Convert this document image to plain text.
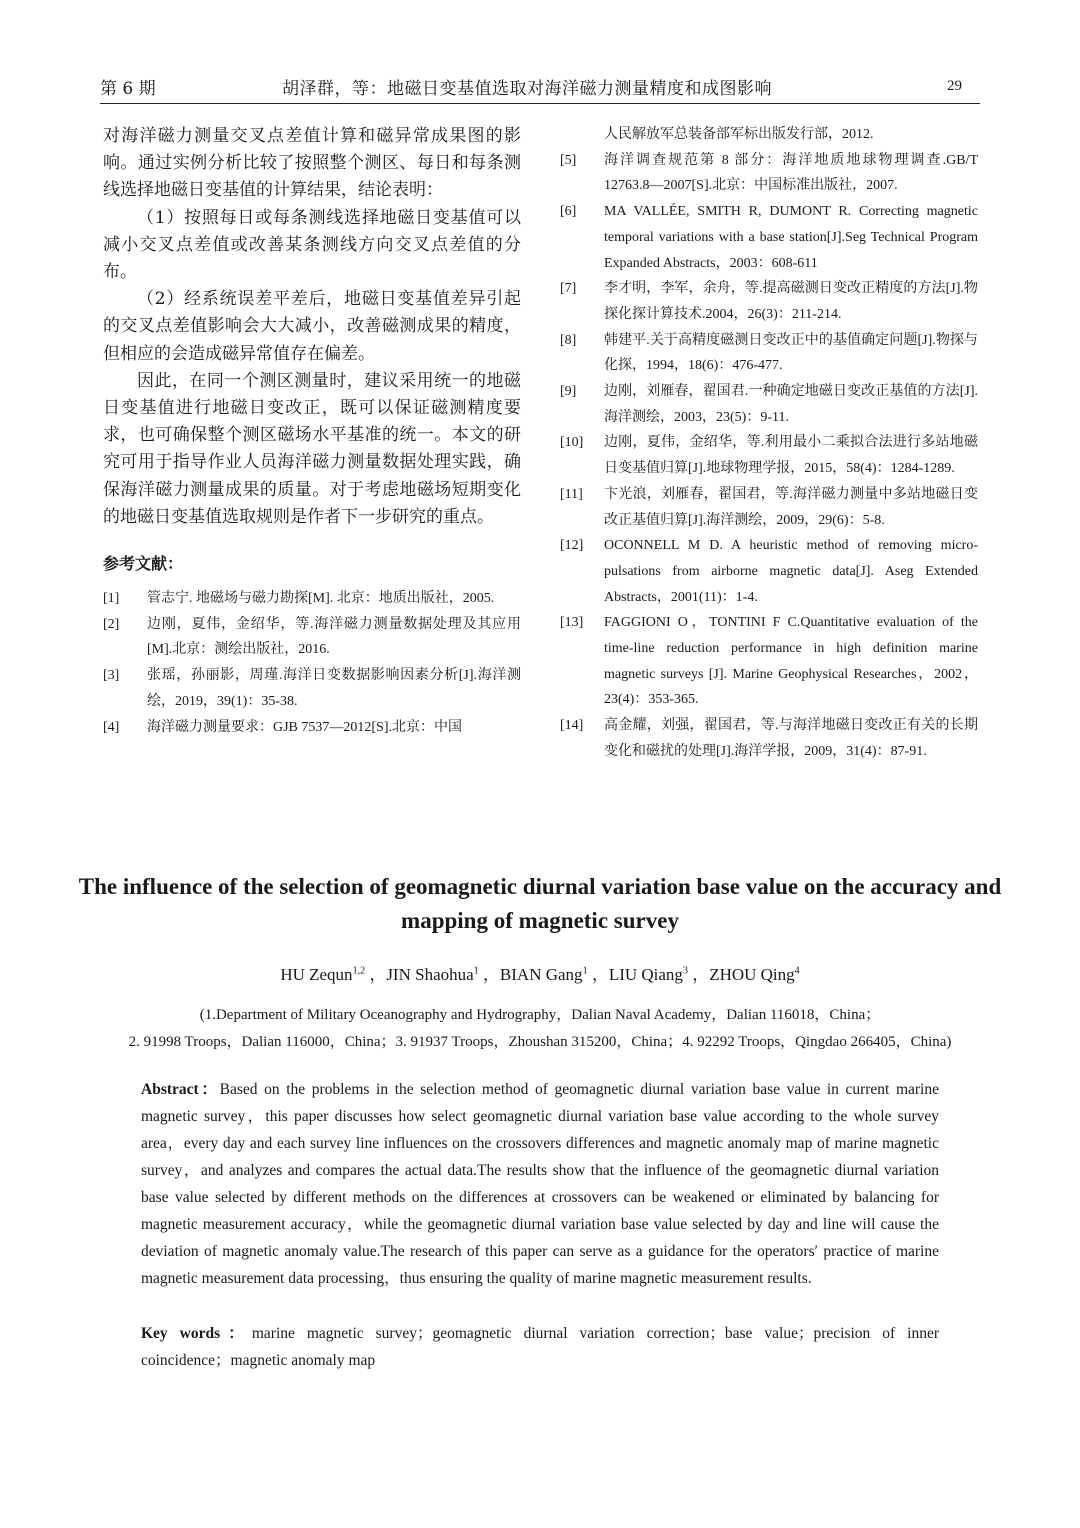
第 6 期	胡泽群，等：地磁日变基值选取对海洋磁力测量精度和成图影响	29

对海洋磁力测量交叉点差值计算和磁异常成果图的影响。通过实例分析比较了按照整个测区、每日和每条测线选择地磁日变基值的计算结果，结论表明：

（1）按照每日或每条测线选择地磁日变基值可以减小交叉点差值或改善某条测线方向交叉点差值的分布。

（2）经系统误差平差后，地磁日变基值差异引起的交叉点差值影响会大大减小，改善磁测成果的精度，但相应的会造成磁异常值存在偏差。

因此，在同一个测区测量时，建议采用统一的地磁日变基值进行地磁日变改正，既可以保证磁测精度要求，也可确保整个测区磁场水平基准的统一。本文的研究可用于指导作业人员海洋磁力测量数据处理实践，确保海洋磁力测量成果的质量。对于考虑地磁场短期变化的地磁日变基值选取规则是作者下一步研究的重点。

参考文献：
[1]	管志宁. 地磁场与磁力勘探[M]. 北京：地质出版社，2005.
[2]	边刚，夏伟，金绍华，等.海洋磁力测量数据处理及其应用[M].北京：测绘出版社，2016.
[3]	张瑶，孙丽影，周瑾.海洋日变数据影响因素分析[J].海洋测绘，2019，39(1)：35-38.
[4]	海洋磁力测量要求：GJB 7537—2012[S].北京：中国
人民解放军总装备部军标出版发行部，2012.
[5]	海洋调查规范第 8 部分：海洋地质地球物理调查.GB/T 12763.8—2007[S].北京：中国标准出版社，2007.
[6]	MA VALLÉE, SMITH R, DUMONT R. Correcting magnetic temporal variations with a base station[J].Seg Technical Program Expanded Abstracts，2003：608-611
[7]	李才明，李军，余舟，等.提高磁测日变改正精度的方法[J].物探化探计算技术.2004，26(3)：211-214.
[8]	韩建平.关于高精度磁测日变改正中的基值确定问题[J].物探与化探，1994，18(6)：476-477.
[9]	边刚，刘雁春，翟国君.一种确定地磁日变改正基值的方法[J].海洋测绘，2003，23(5)：9-11.
[10]	边刚，夏伟，金绍华，等.利用最小二乘拟合法进行多站地磁日变基值归算[J].地球物理学报，2015，58(4)：1284-1289.
[11]	卞光浪，刘雁春，翟国君，等.海洋磁力测量中多站地磁日变改正基值归算[J].海洋测绘，2009，29(6)：5-8.
[12]	OCONNELL M D. A heuristic method of removing micro-pulsations from airborne magnetic data[J]. Aseg Extended Abstracts，2001(11)：1-4.
[13]	FAGGIONI O，TONTINI F C.Quantitative evaluation of the time-line reduction performance in high definition marine magnetic surveys [J]. Marine Geophysical Researches，2002，23(4)：353-365.
[14]	高金耀，刘强，翟国君，等.与海洋地磁日变改正有关的长期变化和磁扰的处理[J].海洋学报，2009，31(4)：87-91.
The influence of the selection of geomagnetic diurnal variation base value on the accuracy and mapping of magnetic survey
HU Zequn$^{1,2}$ ，JIN Shaohua$^1$ ，BIAN Gang$^1$ ，LIU Qiang$^3$ ，ZHOU Qing$^4$
(1.Department of Military Oceanography and Hydrography，Dalian Naval Academy，Dalian 116018，China；
2. 91998 Troops，Dalian 116000，China；3. 91937 Troops，Zhoushan 315200，China；4. 92292 Troops，Qingdao 266405，China)
Abstract：Based on the problems in the selection method of geomagnetic diurnal variation base value in current marine magnetic survey，this paper discusses how select geomagnetic diurnal variation base value according to the whole survey area，every day and each survey line influences on the crossovers differences and magnetic anomaly map of marine magnetic survey，and analyzes and compares the actual data.The results show that the influence of the geomagnetic diurnal variation base value selected by different methods on the differences at crossovers can be weakened or eliminated by balancing for magnetic measurement accuracy，while the geomagnetic diurnal variation base value selected by day and line will cause the deviation of magnetic anomaly value.The research of this paper can serve as a guidance for the operators′ practice of marine magnetic measurement data processing，thus ensuring the quality of marine magnetic measurement results.
Key words：marine magnetic survey；geomagnetic diurnal variation correction；base value；precision of inner coincidence；magnetic anomaly map
